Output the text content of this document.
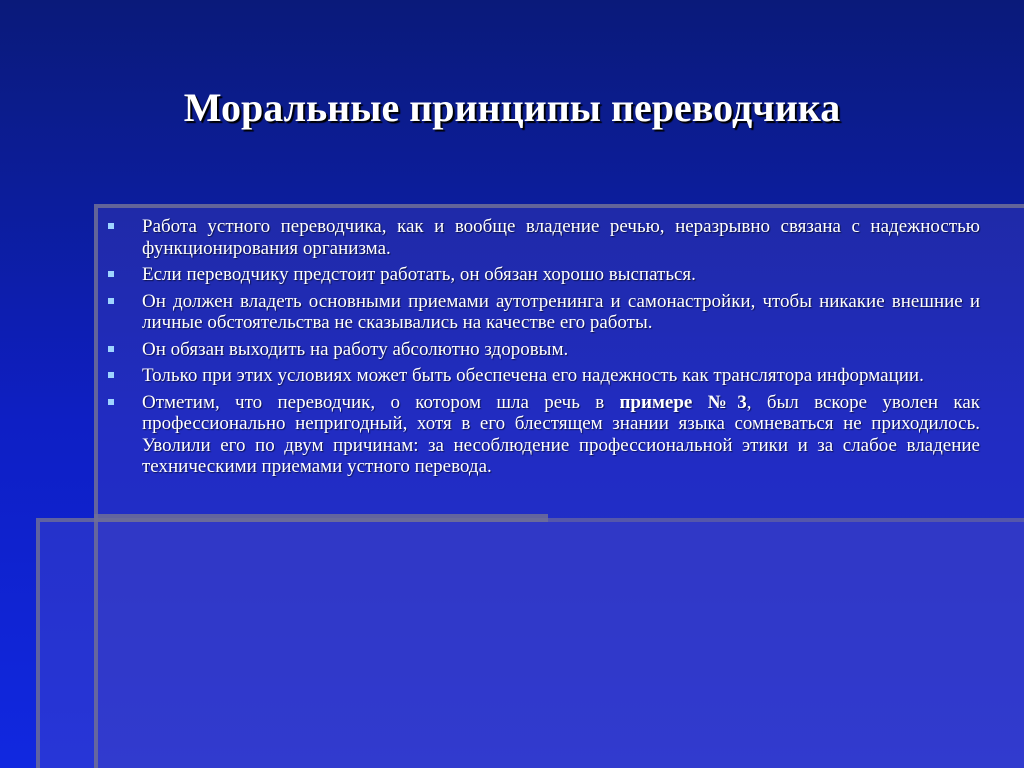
Моральные принципы переводчика
Работа устного переводчика, как и вообще владение речью, неразрывно связана с надежностью функционирования организма.
Если переводчику предстоит работать, он обязан хорошо выспаться.
Он должен владеть основными приемами аутотренинга и самонастройки, чтобы никакие внешние и личные обстоятельства не сказывались на качестве его работы.
Он обязан выходить на работу абсолютно здоровым.
Только при этих условиях может быть обеспечена его надежность как транслятора информации.
Отметим, что переводчик, о котором шла речь в примере №3, был вскоре уволен как профессионально непригодный, хотя в его блестящем знании языка сомневаться не приходилось. Уволили его по двум причинам: за несоблюдение профессиональной этики и за слабое владение техническими приемами устного перевода.
